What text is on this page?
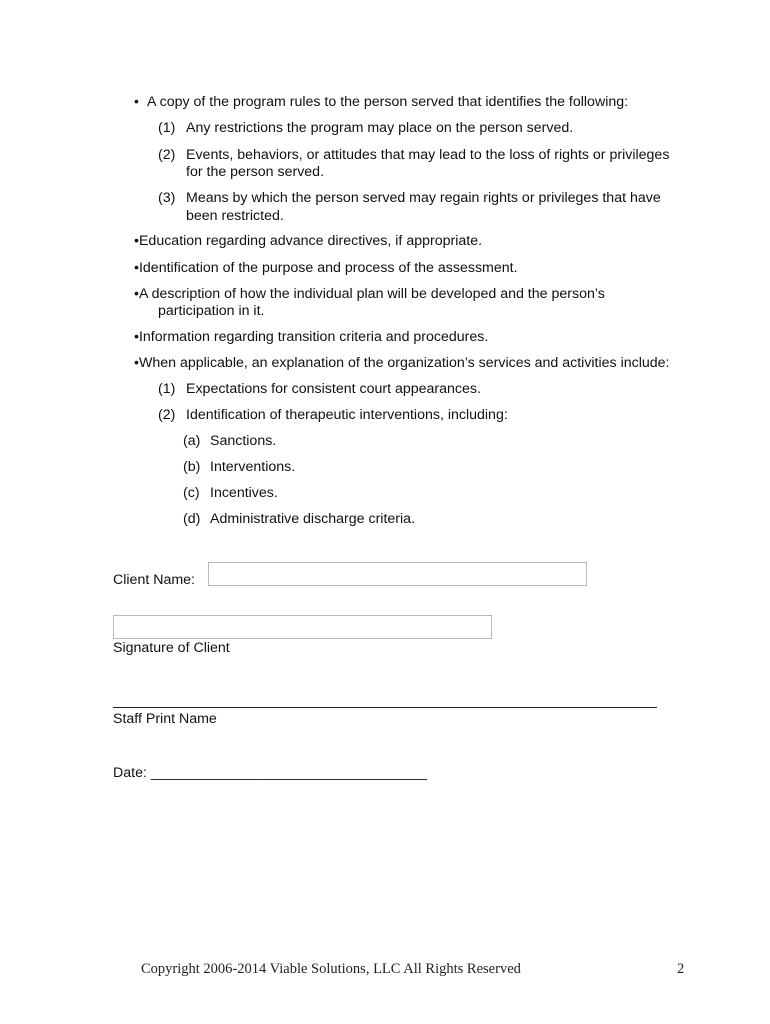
• A copy of the program rules to the person served that identifies the following:
(1) Any restrictions the program may place on the person served.
(2) Events, behaviors, or attitudes that may lead to the loss of rights or privileges
for the person served.
(3) Means by which the person served may regain rights or privileges that have
been restricted.
•Education regarding advance directives, if appropriate.
•Identification of the purpose and process of the assessment.
•A description of how the individual plan will be developed and the person’s
participation in it.
•Information regarding transition criteria and procedures.
•When applicable, an explanation of the organization’s services and activities include:
(1) Expectations for consistent court appearances.
(2) Identification of therapeutic interventions, including:
(a) Sanctions.
(b) Interventions.
(c) Incentives.
(d) Administrative discharge criteria.
Client Name:
Signature of Client
Staff Print Name
Date: ___________________________________
Copyright 2006-2014 Viable Solutions, LLC All Rights Reserved	2
